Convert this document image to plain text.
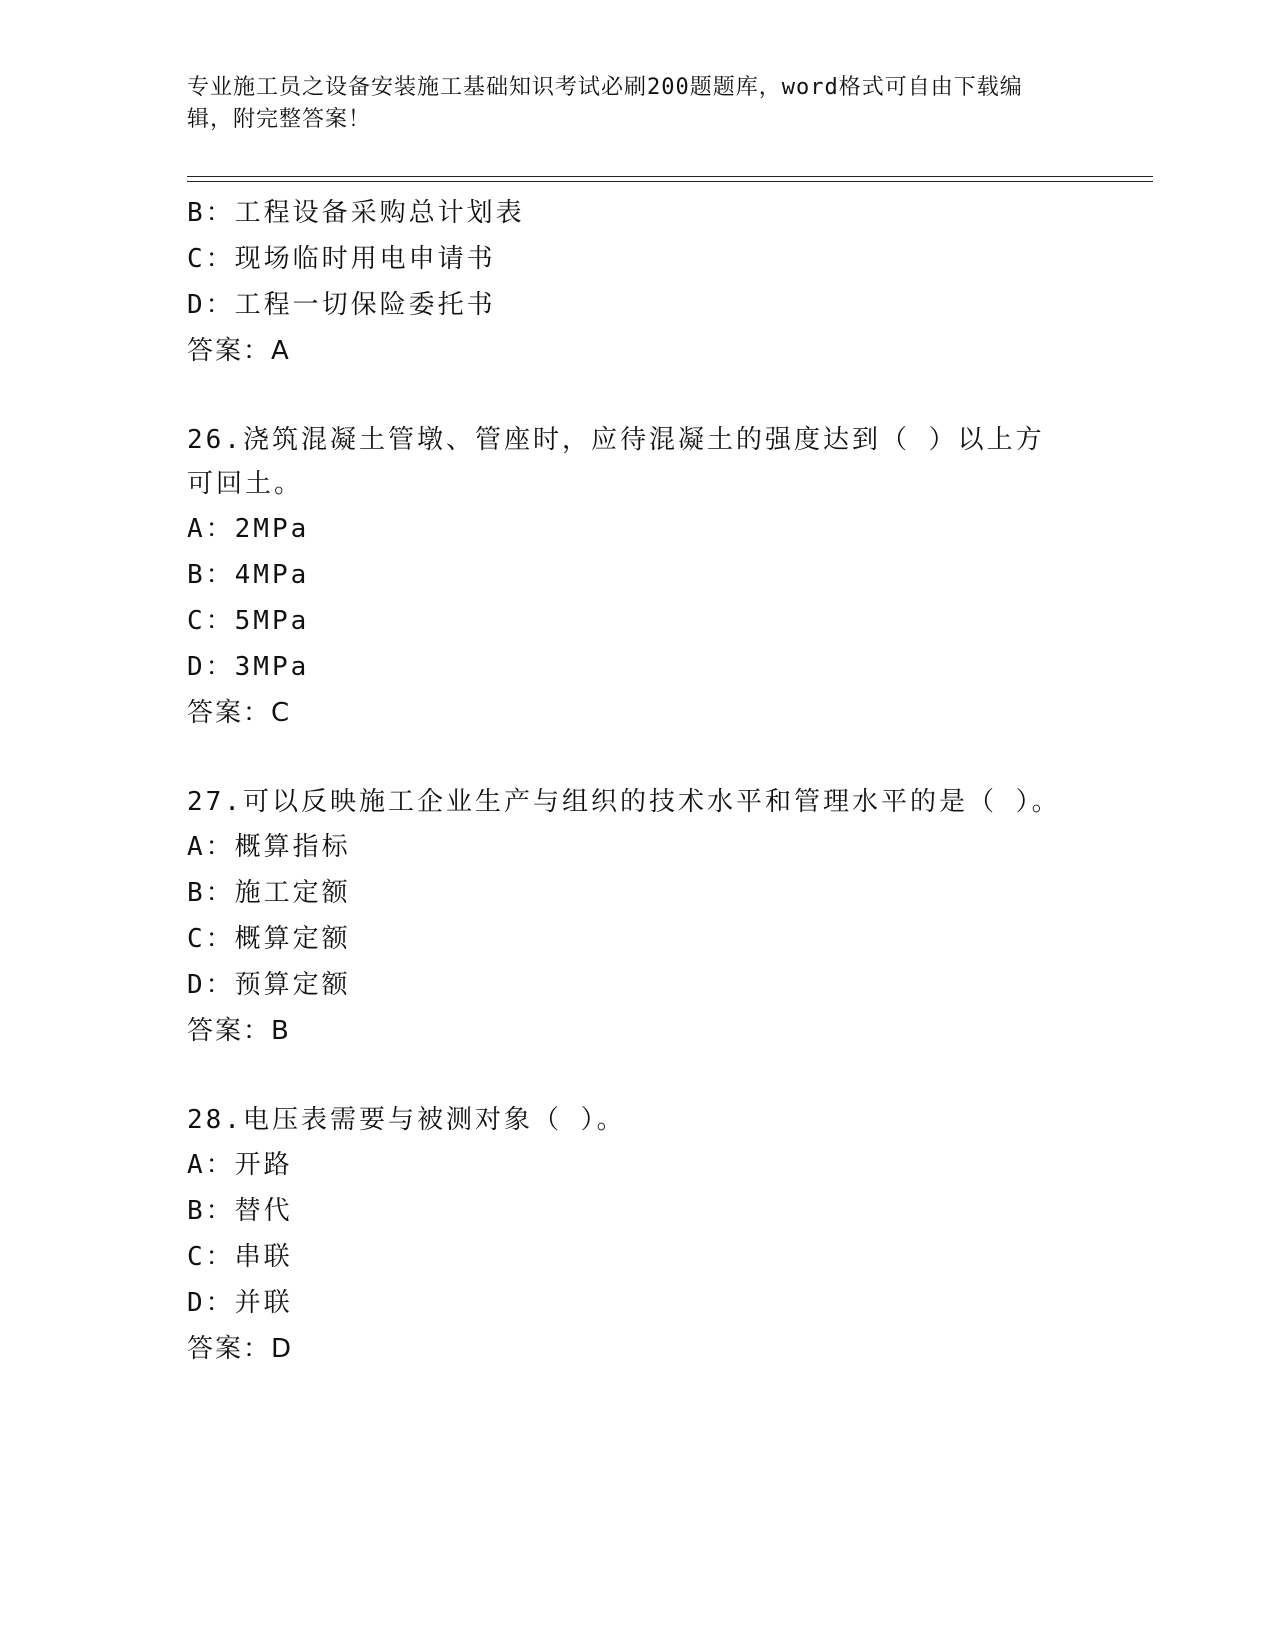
专业施工员之设备安装施工基础知识考试必刷200题题库，word格式可自由下载编辑，附完整答案！
B：工程设备采购总计划表
C：现场临时用电申请书
D：工程一切保险委托书
答案：A
26.浇筑混凝土管墩、管座时，应待混凝土的强度达到（ ）以上方可回土。
A：2MPa
B：4MPa
C：5MPa
D：3MPa
答案：C
27.可以反映施工企业生产与组织的技术水平和管理水平的是（ ）。
A：概算指标
B：施工定额
C：概算定额
D：预算定额
答案：B
28.电压表需要与被测对象（ ）。
A：开路
B：替代
C：串联
D：并联
答案：D
